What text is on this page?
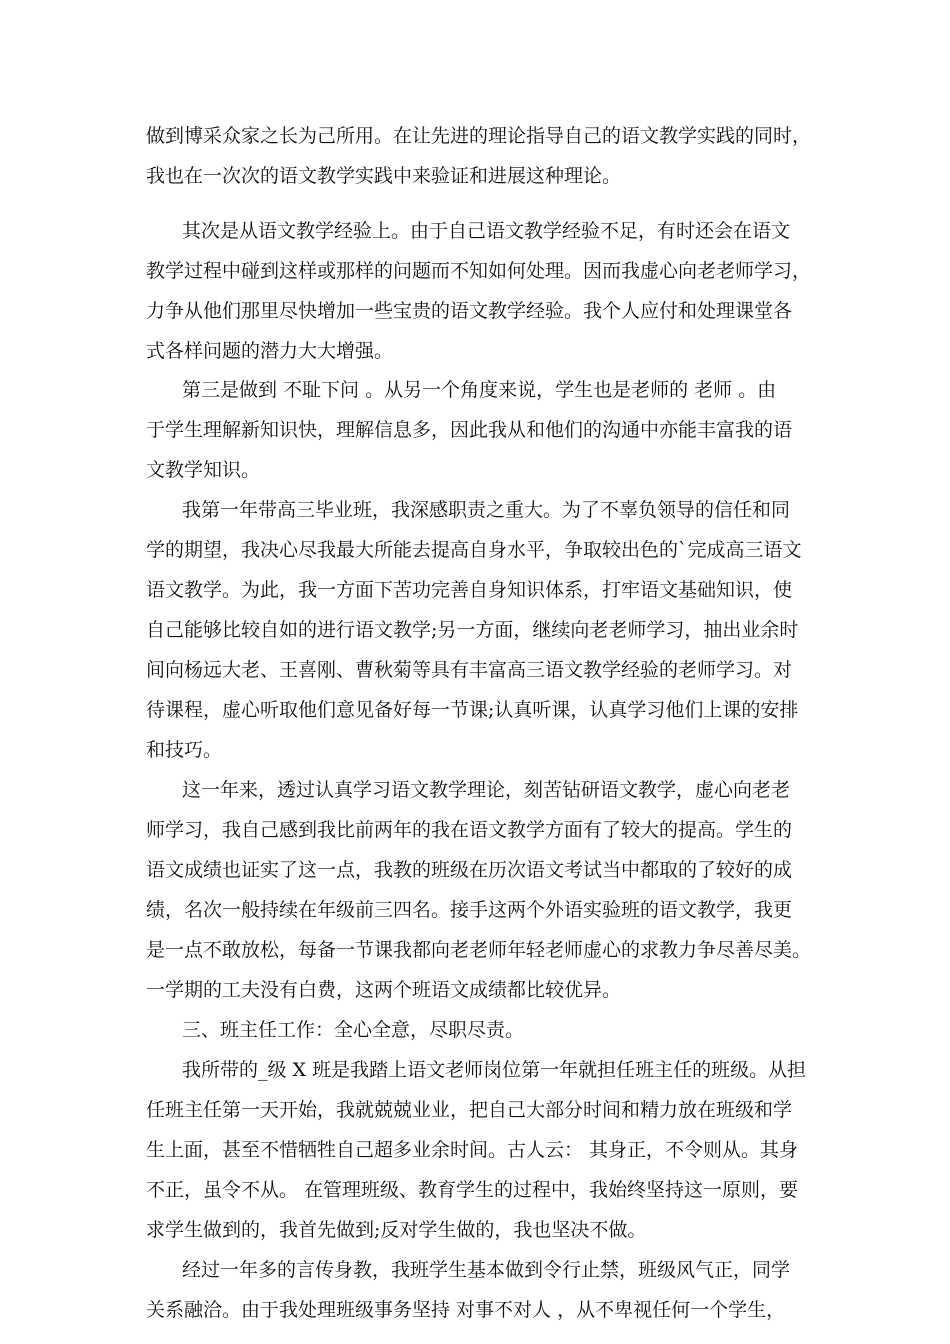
做到博采众家之长为己所用。在让先进的理论指导自己的语文教学实践的同时，

我也在一次次的语文教学实践中来验证和进展这种理论。

其次是从语文教学经验上。由于自己语文教学经验不足，有时还会在语文

教学过程中碰到这样或那样的问题而不知如何处理。因而我虚心向老老师学习，

力争从他们那里尽快增加一些宝贵的语文教学经验。我个人应付和处理课堂各

式各样问题的潜力大大增强。

第三是做到 不耻下问 。从另一个角度来说，学生也是老师的 老师 。由

于学生理解新知识快，理解信息多，因此我从和他们的沟通中亦能丰富我的语

文教学知识。

我第一年带高三毕业班，我深感职责之重大。为了不辜负领导的信任和同

学的期望，我决心尽我最大所能去提高自身水平，争取较出色的`完成高三语文

语文教学。为此，我一方面下苦功完善自身知识体系，打牢语文基础知识，使

自己能够比较自如的进行语文教学;另一方面，继续向老老师学习，抽出业余时

间向杨远大老、王喜刚、曹秋菊等具有丰富高三语文教学经验的老师学习。对

待课程，虚心听取他们意见备好每一节课;认真听课，认真学习他们上课的安排

和技巧。

这一年来，透过认真学习语文教学理论，刻苦钻研语文教学，虚心向老老

师学习，我自己感到我比前两年的我在语文教学方面有了较大的提高。学生的

语文成绩也证实了这一点，我教的班级在历次语文考试当中都取的了较好的成

绩，名次一般持续在年级前三四名。接手这两个外语实验班的语文教学，我更

是一点不敢放松，每备一节课我都向老老师年轻老师虚心的求教力争尽善尽美。

一学期的工夫没有白费，这两个班语文成绩都比较优异。

三、班主任工作：全心全意，尽职尽责。

我所带的_级 X 班是我踏上语文老师岗位第一年就担任班主任的班级。从担

任班主任第一天开始，我就兢兢业业，把自己大部分时间和精力放在班级和学

生上面，甚至不惜牺牲自己超多业余时间。古人云： 其身正，不令则从。其身

不正，虽令不从。 在管理班级、教育学生的过程中，我始终坚持这一原则，要

求学生做到的，我首先做到;反对学生做的，我也坚决不做。

经过一年多的言传身教，我班学生基本做到令行止禁，班级风气正，同学

关系融洽。由于我处理班级事务坚持 对事不对人 ，从不卑视任何一个学生，
